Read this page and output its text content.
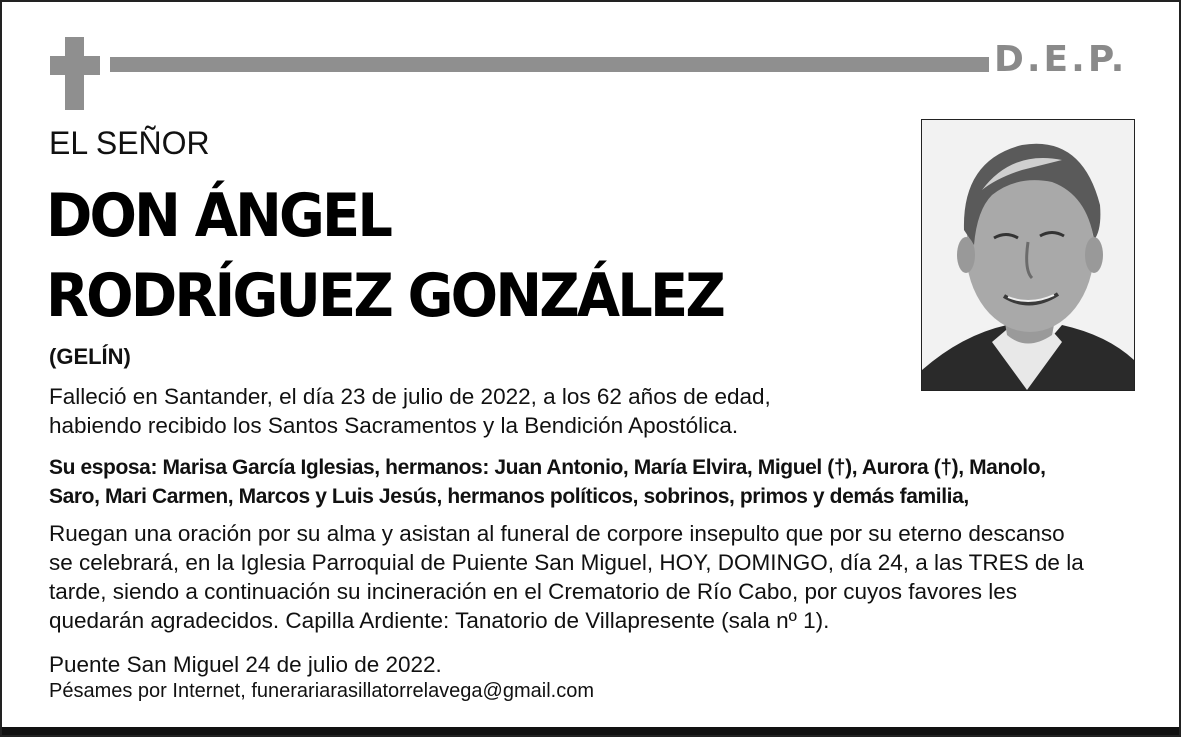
D.E.P.
EL SEÑOR
DON ÁNGEL
RODRÍGUEZ GONZÁLEZ
(GELÍN)
Falleció en Santander, el día 23 de julio de 2022, a los 62 años de edad,
habiendo recibido los Santos Sacramentos y la Bendición Apostólica.
Su esposa: Marisa García Iglesias, hermanos: Juan Antonio, María Elvira, Miguel (†), Aurora (†), Manolo,
Saro, Mari Carmen, Marcos y Luis Jesús, hermanos políticos, sobrinos, primos y demás familia,
Ruegan una oración por su alma y asistan al funeral de corpore insepulto que por su eterno descanso
se celebrará, en la Iglesia Parroquial de Puiente San Miguel, HOY, DOMINGO, día 24, a las TRES de la
tarde, siendo a continuación su incineración en el Crematorio de Río Cabo, por cuyos favores les
quedarán agradecidos. Capilla Ardiente: Tanatorio de Villapresente (sala nº 1).
Puente San Miguel 24 de julio de 2022.
Pésames por Internet, funerariarasillatorrelavega@gmail.com
